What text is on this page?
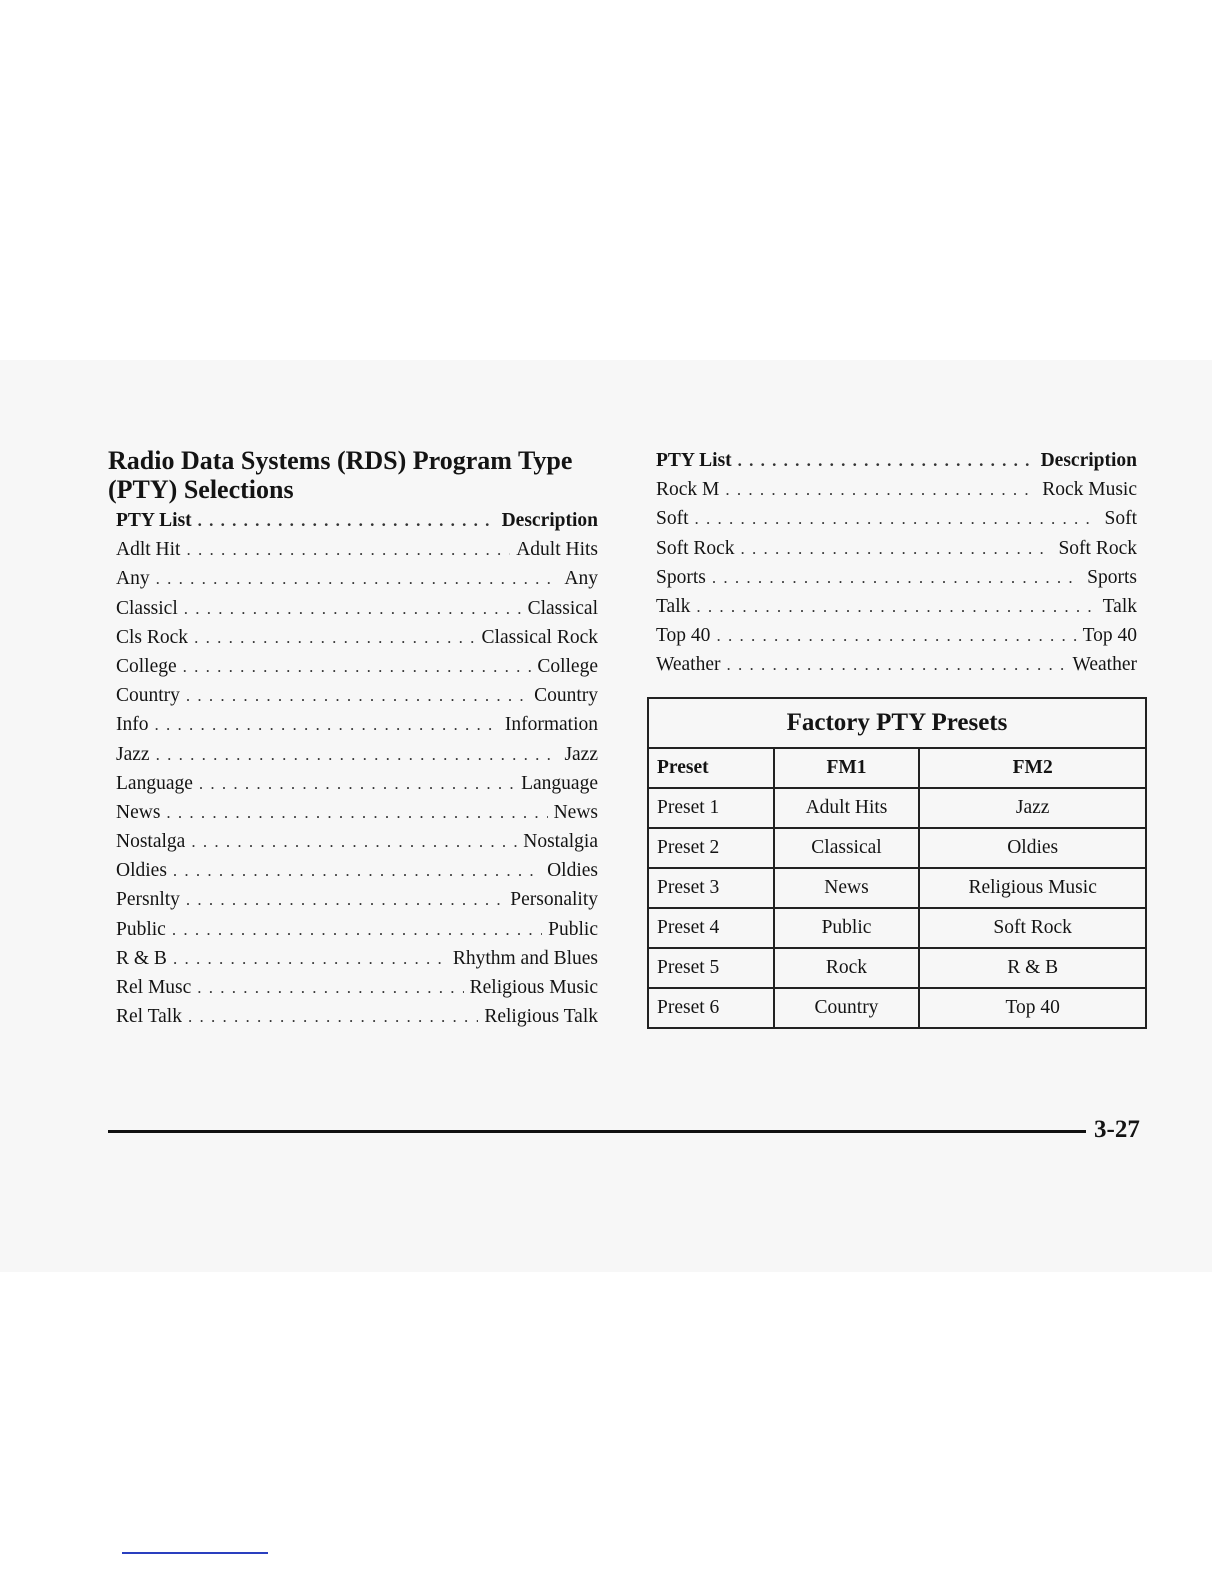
Radio Data Systems (RDS) Program Type
(PTY) Selections
PTY List . . .	Description
Adlt Hit . . .	Adult Hits
Any . . .	Any
Classicl . . .	Classical
Cls Rock . . .	Classical Rock
College . . .	College
Country . . .	Country
Info . . .	Information
Jazz . . .	Jazz
Language . . .	Language
News . . .	News
Nostalga . . .	Nostalgia
Oldies . . .	Oldies
Persnlty . . .	Personality
Public . . .	Public
R & B . . .	Rhythm and Blues
Rel Musc . . .	Religious Music
Rel Talk . . .	Religious Talk
PTY List . . .	Description
Rock M . . .	Rock Music
Soft . . .	Soft
Soft Rock . . .	Soft Rock
Sports . . .	Sports
Talk . . .	Talk
Top 40 . . .	Top 40
Weather . . .	Weather
Factory PTY Presets		
Preset	FM1	FM2
Preset 1	Adult Hits	Jazz
Preset 2	Classical	Oldies
Preset 3	News	Religious Music
Preset 4	Public	Soft Rock
Preset 5	Rock	R & B
Preset 6	Country	Top 40
3-27
